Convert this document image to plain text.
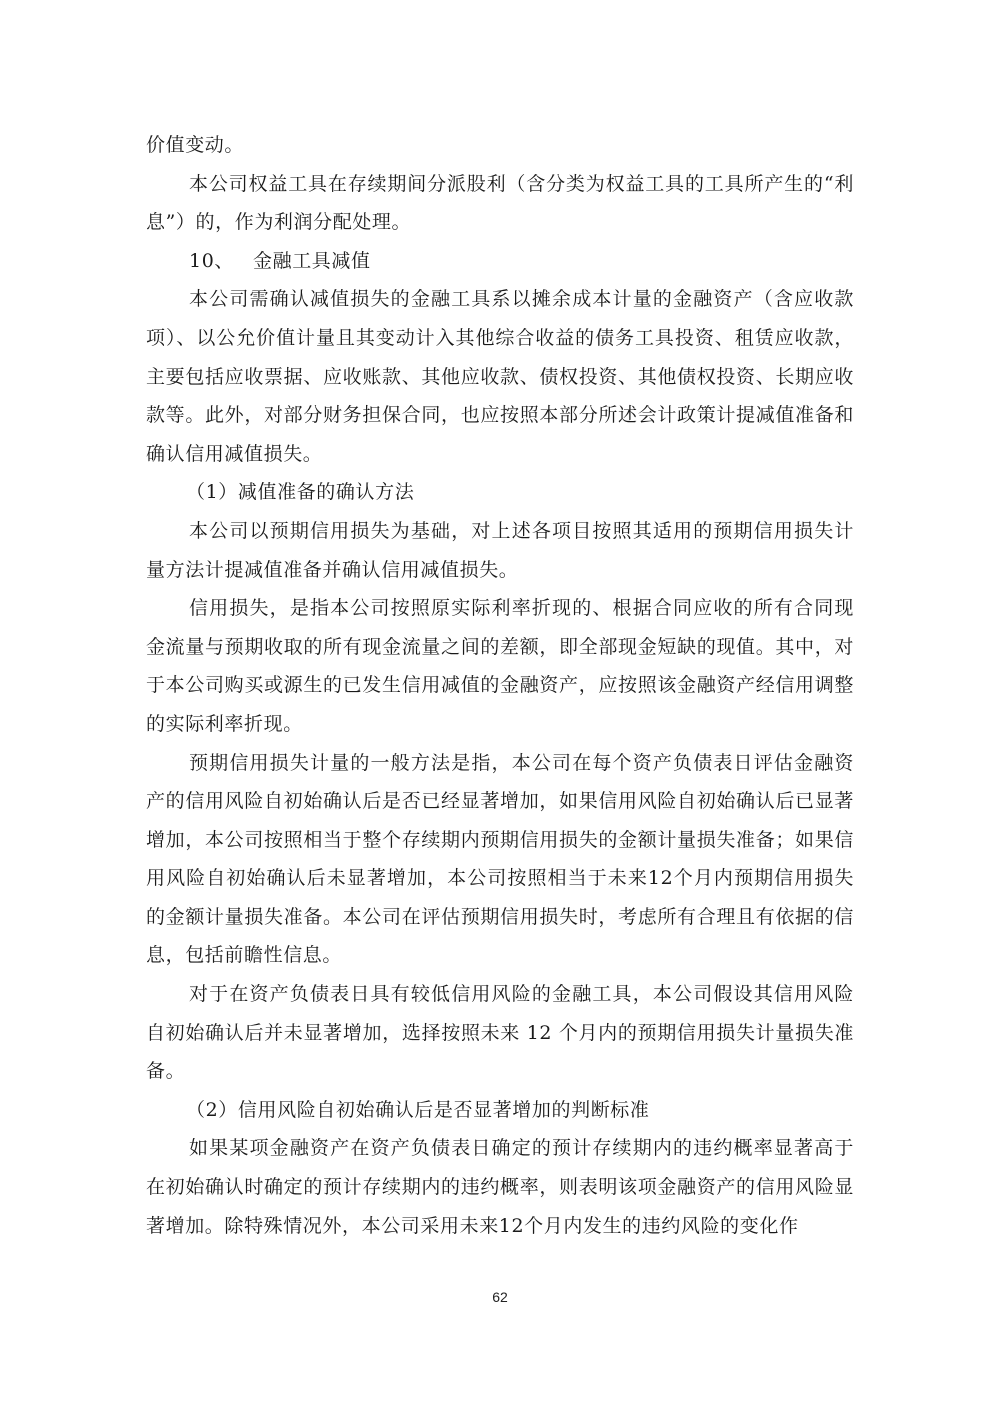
价值变动。

本公司权益工具在存续期间分派股利（含分类为权益工具的工具所产生的“利息”）的，作为利润分配处理。

10、 金融工具减值

本公司需确认减值损失的金融工具系以摊余成本计量的金融资产（含应收款项）、以公允价值计量且其变动计入其他综合收益的债务工具投资、租赁应收款，主要包括应收票据、应收账款、其他应收款、债权投资、其他债权投资、长期应收款等。此外，对部分财务担保合同，也应按照本部分所述会计政策计提减值准备和确认信用减值损失。

（1）减值准备的确认方法

本公司以预期信用损失为基础，对上述各项目按照其适用的预期信用损失计量方法计提减值准备并确认信用减值损失。

信用损失，是指本公司按照原实际利率折现的、根据合同应收的所有合同现金流量与预期收取的所有现金流量之间的差额，即全部现金短缺的现值。其中，对于本公司购买或源生的已发生信用减值的金融资产，应按照该金融资产经信用调整的实际利率折现。

预期信用损失计量的一般方法是指，本公司在每个资产负债表日评估金融资产的信用风险自初始确认后是否已经显著增加，如果信用风险自初始确认后已显著增加，本公司按照相当于整个存续期内预期信用损失的金额计量损失准备；如果信用风险自初始确认后未显著增加，本公司按照相当于未来12个月内预期信用损失的金额计量损失准备。本公司在评估预期信用损失时，考虑所有合理且有依据的信息，包括前瞻性信息。

对于在资产负债表日具有较低信用风险的金融工具，本公司假设其信用风险自初始确认后并未显著增加，选择按照未来 12 个月内的预期信用损失计量损失准备。

（2）信用风险自初始确认后是否显著增加的判断标准

如果某项金融资产在资产负债表日确定的预计存续期内的违约概率显著高于在初始确认时确定的预计存续期内的违约概率，则表明该项金融资产的信用风险显著增加。除特殊情况外，本公司采用未来12个月内发生的违约风险的变化作

62
